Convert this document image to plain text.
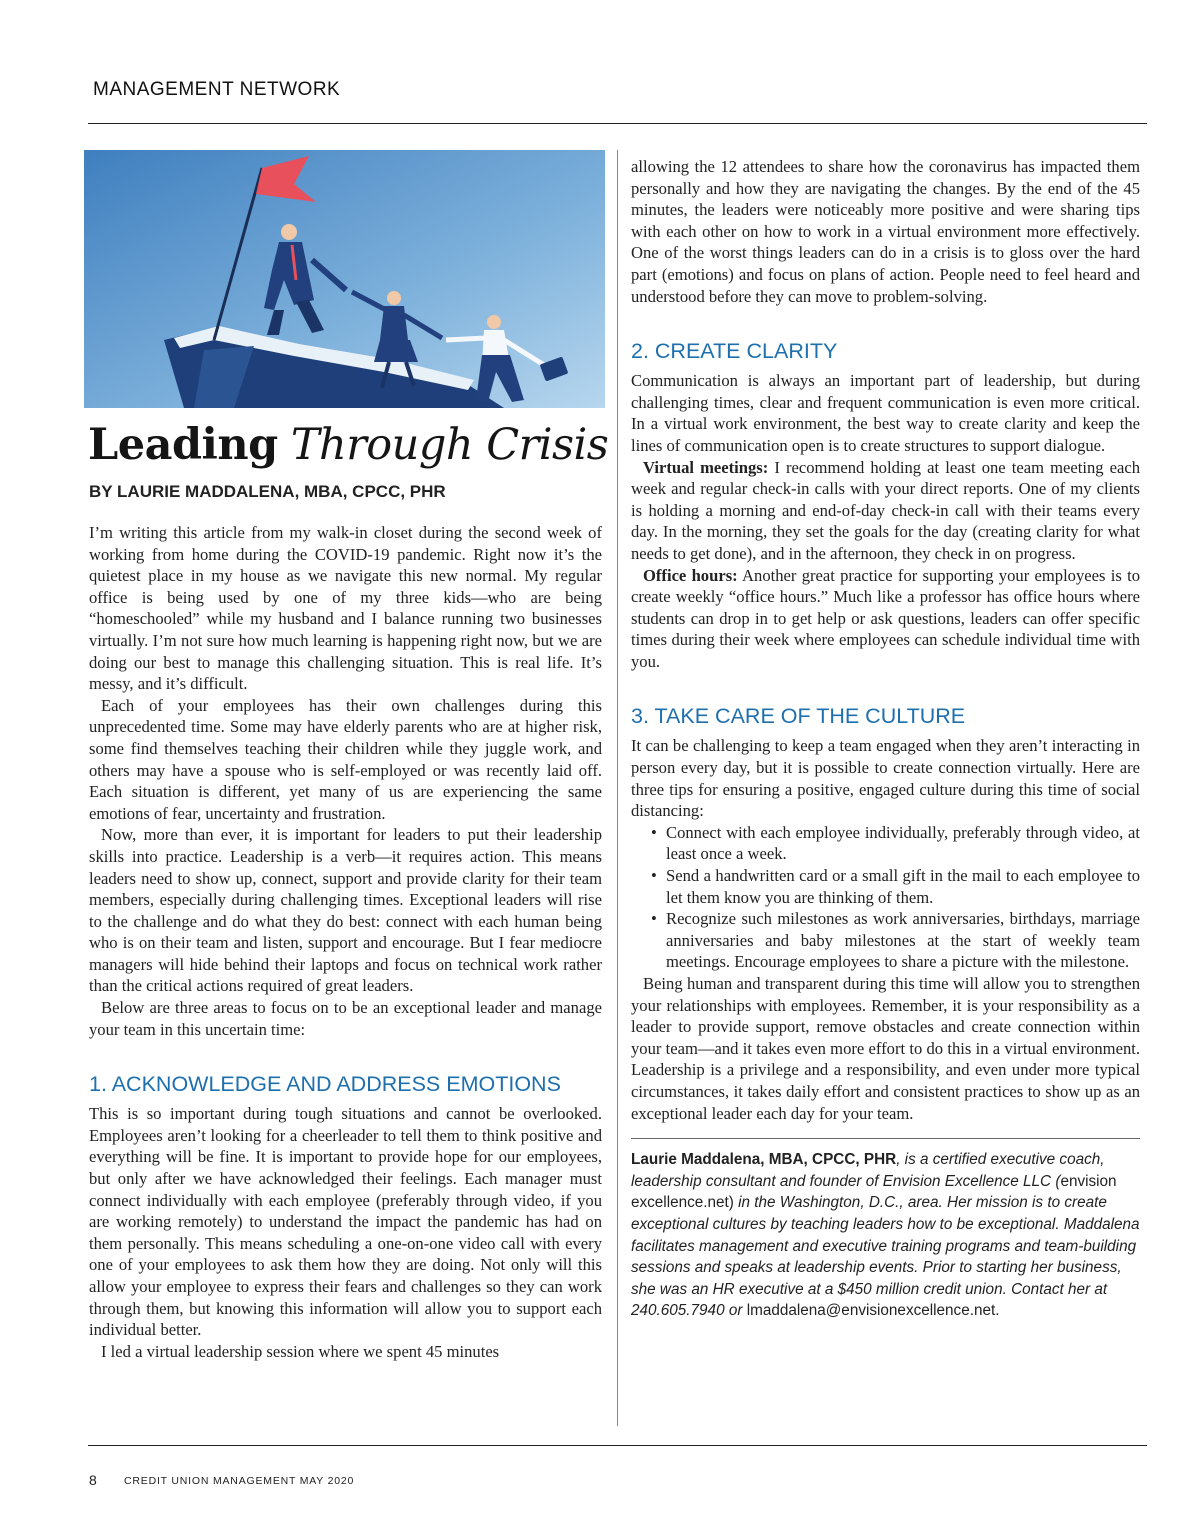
MANAGEMENT NETWORK
Leading Through Crisis
BY LAURIE MADDALENA, MBA, CPCC, PHR

I’m writing this article from my walk-in closet during the second week of working from home during the COVID-19 pandemic. Right now it’s the quietest place in my house as we navigate this new normal. My regular office is being used by one of my three kids—who are being “homeschooled” while my husband and I balance running two businesses virtually. I’m not sure how much learning is happening right now, but we are doing our best to manage this challenging situation. This is real life. It’s messy, and it’s difficult.

Each of your employees has their own challenges during this unprecedented time. Some may have elderly parents who are at higher risk, some find themselves teaching their children while they juggle work, and others may have a spouse who is self-employed or was recently laid off. Each situation is different, yet many of us are experiencing the same emotions of fear, uncertainty and frustration.

Now, more than ever, it is important for leaders to put their leadership skills into practice. Leadership is a verb—it requires action. This means leaders need to show up, connect, support and provide clarity for their team members, especially during challenging times. Exceptional leaders will rise to the challenge and do what they do best: connect with each human being who is on their team and listen, support and encourage. But I fear mediocre managers will hide behind their laptops and focus on technical work rather than the critical actions required of great leaders.

Below are three areas to focus on to be an exceptional leader and manage your team in this uncertain time:

1. ACKNOWLEDGE AND ADDRESS EMOTIONS

This is so important during tough situations and cannot be overlooked. Employees aren’t looking for a cheerleader to tell them to think positive and everything will be fine. It is important to provide hope for our employees, but only after we have acknowledged their feelings. Each manager must connect individually with each employee (preferably through video, if you are working remotely) to understand the impact the pandemic has had on them personally. This means scheduling a one-on-one video call with every one of your employees to ask them how they are doing. Not only will this allow your employee to express their fears and challenges so they can work through them, but knowing this information will allow you to support each individual better.

I led a virtual leadership session where we spent 45 minutes

allowing the 12 attendees to share how the coronavirus has impacted them personally and how they are navigating the changes. By the end of the 45 minutes, the leaders were noticeably more positive and were sharing tips with each other on how to work in a virtual environment more effectively. One of the worst things leaders can do in a crisis is to gloss over the hard part (emotions) and focus on plans of action. People need to feel heard and understood before they can move to problem-solving.

2. CREATE CLARITY

Communication is always an important part of leadership, but during challenging times, clear and frequent communication is even more critical. In a virtual work environment, the best way to create clarity and keep the lines of communication open is to create structures to support dialogue.

Virtual meetings: I recommend holding at least one team meeting each week and regular check-in calls with your direct reports. One of my clients is holding a morning and end-of-day check-in call with their teams every day. In the morning, they set the goals for the day (creating clarity for what needs to get done), and in the afternoon, they check in on progress.

Office hours: Another great practice for supporting your employees is to create weekly “office hours.” Much like a professor has office hours where students can drop in to get help or ask questions, leaders can offer specific times during their week where employees can schedule individual time with you.

3. TAKE CARE OF THE CULTURE

It can be challenging to keep a team engaged when they aren’t interacting in person every day, but it is possible to create connection virtually. Here are three tips for ensuring a positive, engaged culture during this time of social distancing:

• Connect with each employee individually, preferably through video, at least once a week.
• Send a handwritten card or a small gift in the mail to each employee to let them know you are thinking of them.
• Recognize such milestones as work anniversaries, birthdays, marriage anniversaries and baby milestones at the start of weekly team meetings. Encourage employees to share a picture with the milestone.

Being human and transparent during this time will allow you to strengthen your relationships with employees. Remember, it is your responsibility as a leader to provide support, remove obstacles and create connection within your team—and it takes even more effort to do this in a virtual environment. Leadership is a privilege and a responsibility, and even under more typical circumstances, it takes daily effort and consistent practices to show up as an exceptional leader each day for your team.

Laurie Maddalena, MBA, CPCC, PHR, is a certified executive coach, leadership consultant and founder of Envision Excellence LLC (envision excellence.net) in the Washington, D.C., area. Her mission is to create exceptional cultures by teaching leaders how to be exceptional. Maddalena facilitates management and executive training programs and team-building sessions and speaks at leadership events. Prior to starting her business, she was an HR executive at a $450 million credit union. Contact her at 240.605.7940 or lmaddalena@envisionexcellence.net.
8	CREDIT UNION MANAGEMENT MAY 2020
